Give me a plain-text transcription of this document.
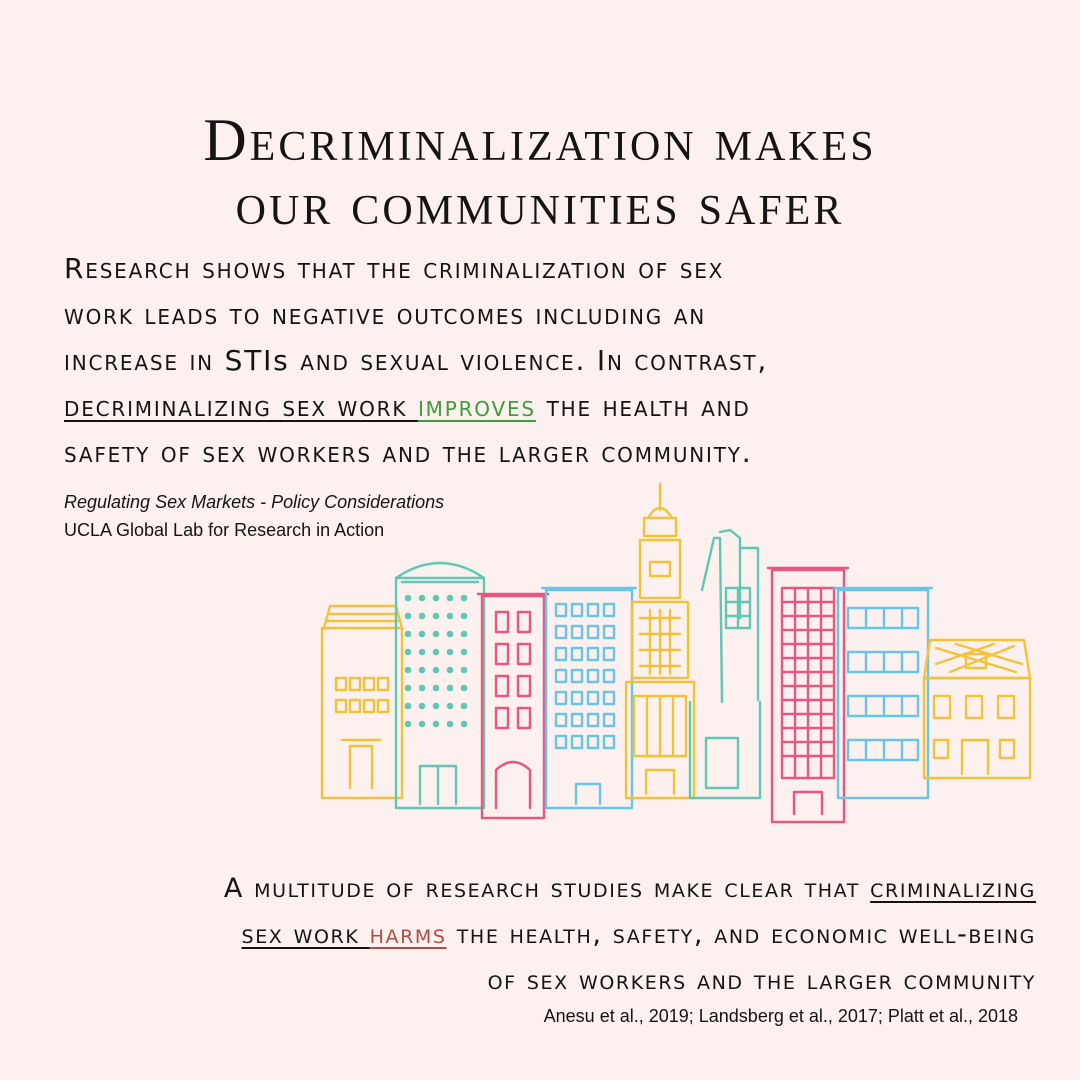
Decriminalization makes
our communities safer
Research shows that the criminalization of sex
work leads to negative outcomes including an
increase in STIs and sexual violence. In contrast,
decriminalizing sex work improves the health and
safety of sex workers and the larger community.
Regulating Sex Markets - Policy Considerations
UCLA Global Lab for Research in Action
A multitude of research studies make clear that criminalizing
sex work harms the health, safety, and economic well-being
of sex workers and the larger community
Anesu et al., 2019; Landsberg et al., 2017; Platt et al., 2018
